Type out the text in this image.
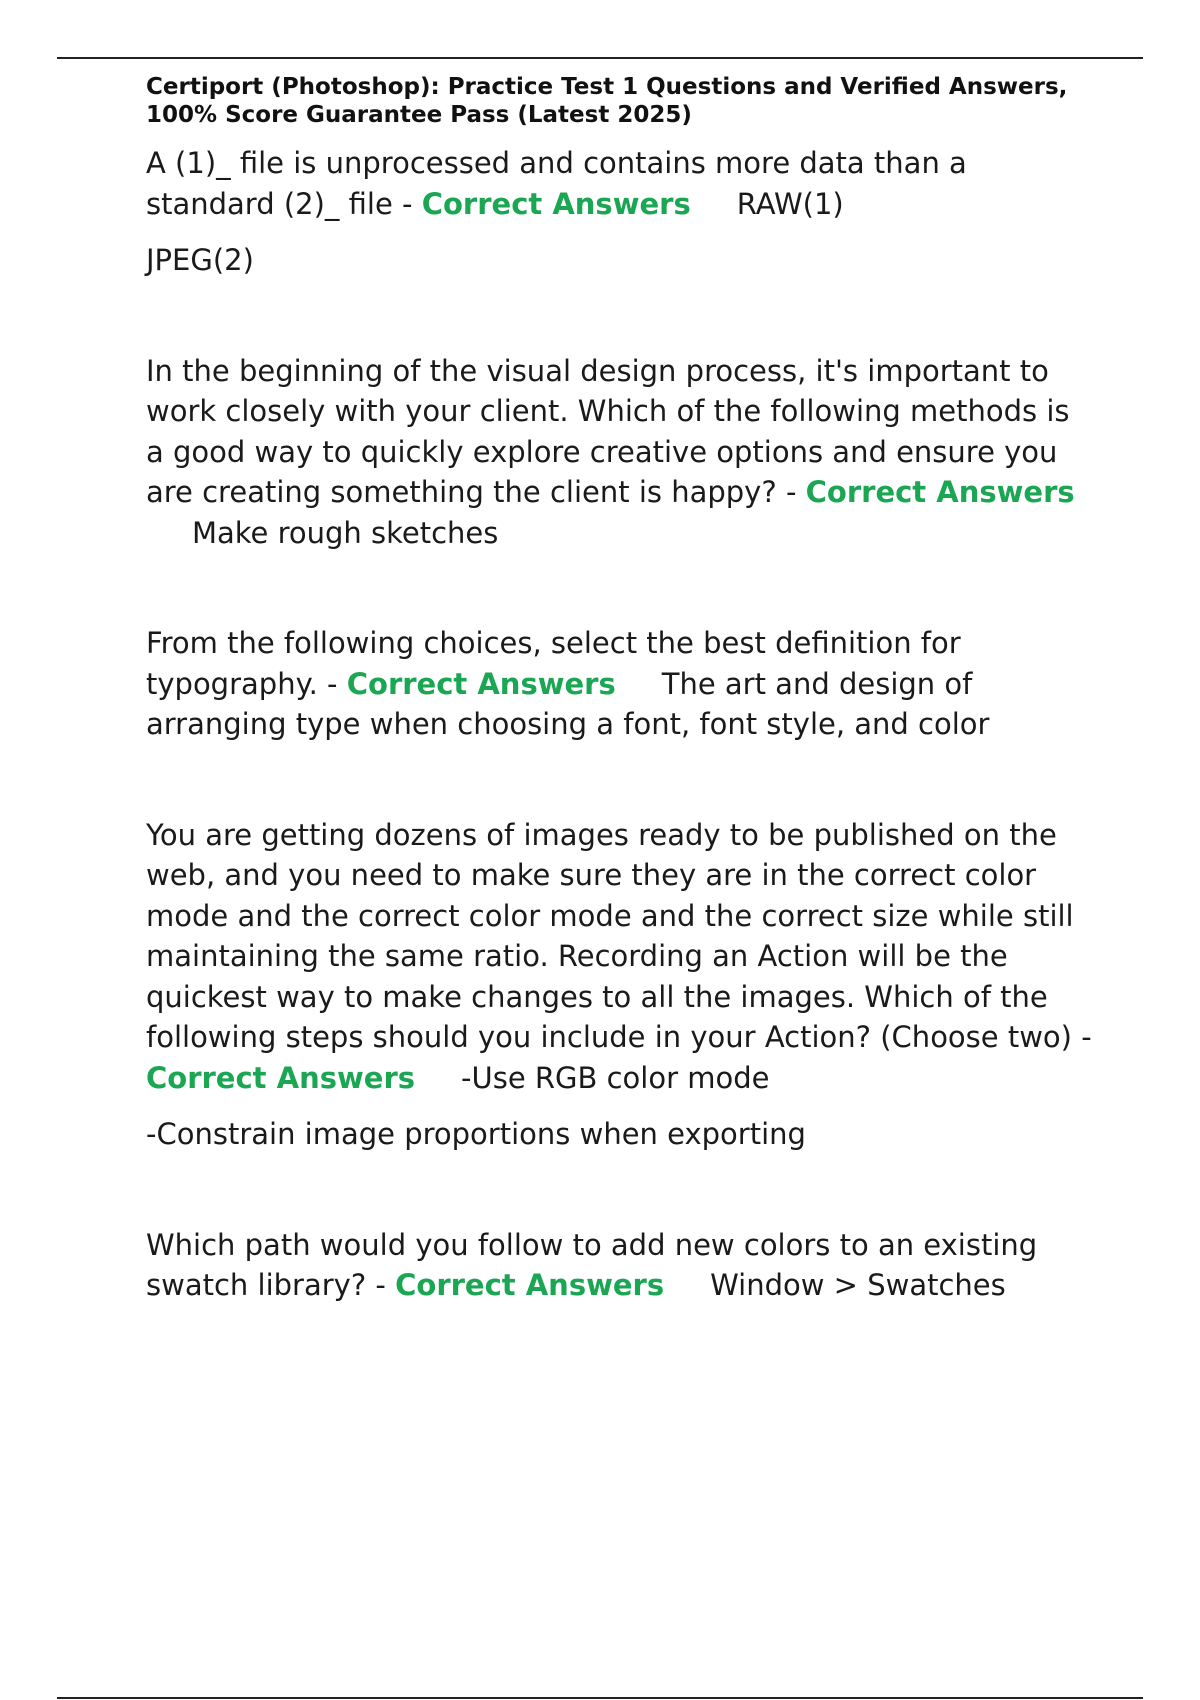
Certiport (Photoshop): Practice Test 1 Questions and Verified Answers, 100% Score Guarantee Pass (Latest 2025)

A (1)_ file is unprocessed and contains more data than a standard (2)_ file - Correct Answers RAW(1)

JPEG(2)

In the beginning of the visual design process, it's important to work closely with your client. Which of the following methods is a good way to quickly explore creative options and ensure you are creating something the client is happy? - Correct AnswersMake rough sketches

From the following choices, select the best definition for typography. - Correct Answers The art and design of arranging type when choosing a font, font style, and color

You are getting dozens of images ready to be published on the web, and you need to make sure they are in the correct color mode and the correct color mode and the correct size while still maintaining the same ratio. Recording an Action will be the quickest way to make changes to all the images. Which of the following steps should you include in your Action? (Choose two) - Correct Answers -Use RGB color mode

-Constrain image proportions when exporting

Which path would you follow to add new colors to an existing swatch library? - Correct Answers Window > Swatches
